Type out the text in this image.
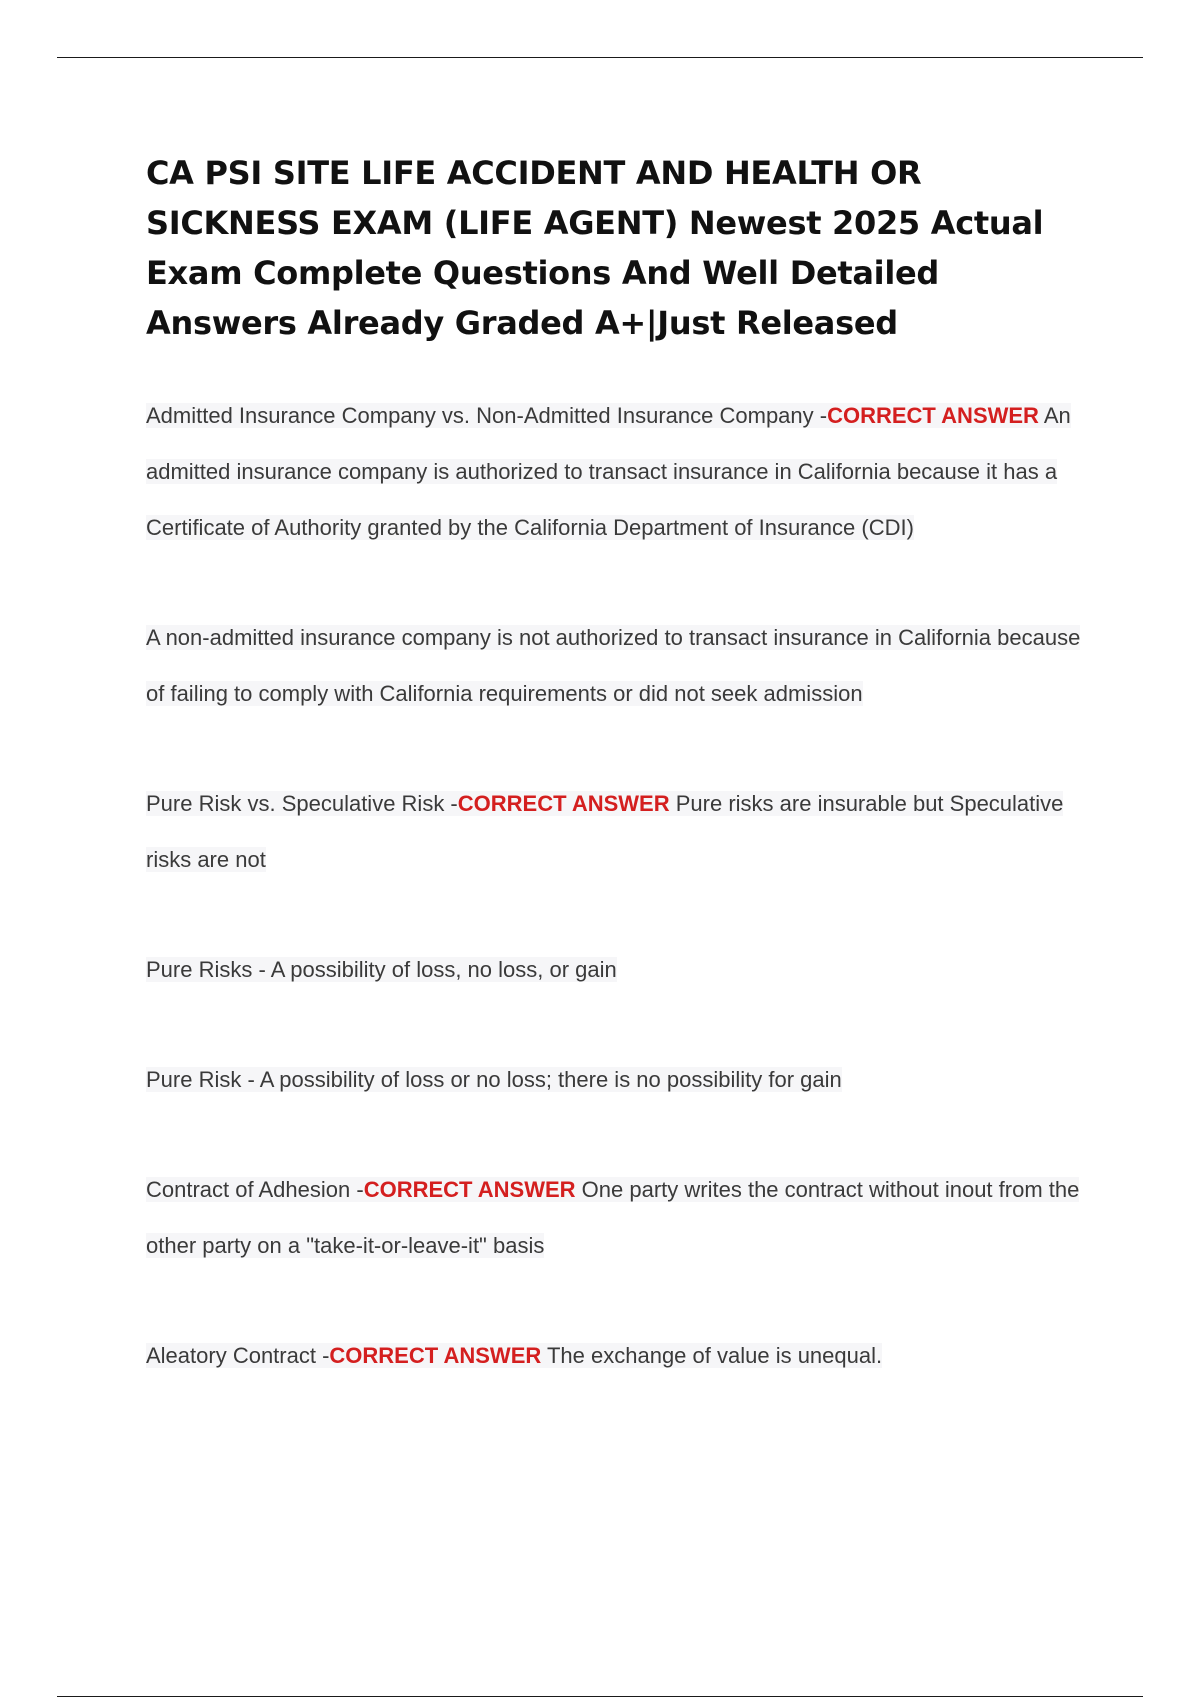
CA PSI SITE LIFE ACCIDENT AND HEALTH OR SICKNESS EXAM (LIFE AGENT) Newest 2025 Actual Exam Complete Questions And Well Detailed Answers Already Graded A+|Just Released

Admitted Insurance Company vs. Non-Admitted Insurance Company -CORRECT ANSWER An admitted insurance company is authorized to transact insurance in California because it has a Certificate of Authority granted by the California Department of Insurance (CDI)

A non-admitted insurance company is not authorized to transact insurance in California because of failing to comply with California requirements or did not seek admission

Pure Risk vs. Speculative Risk -CORRECT ANSWER Pure risks are insurable but Speculative risks are not

Pure Risks - A possibility of loss, no loss, or gain

Pure Risk - A possibility of loss or no loss; there is no possibility for gain

Contract of Adhesion -CORRECT ANSWER One party writes the contract without inout from the other party on a "take-it-or-leave-it" basis

Aleatory Contract -CORRECT ANSWER The exchange of value is unequal.
